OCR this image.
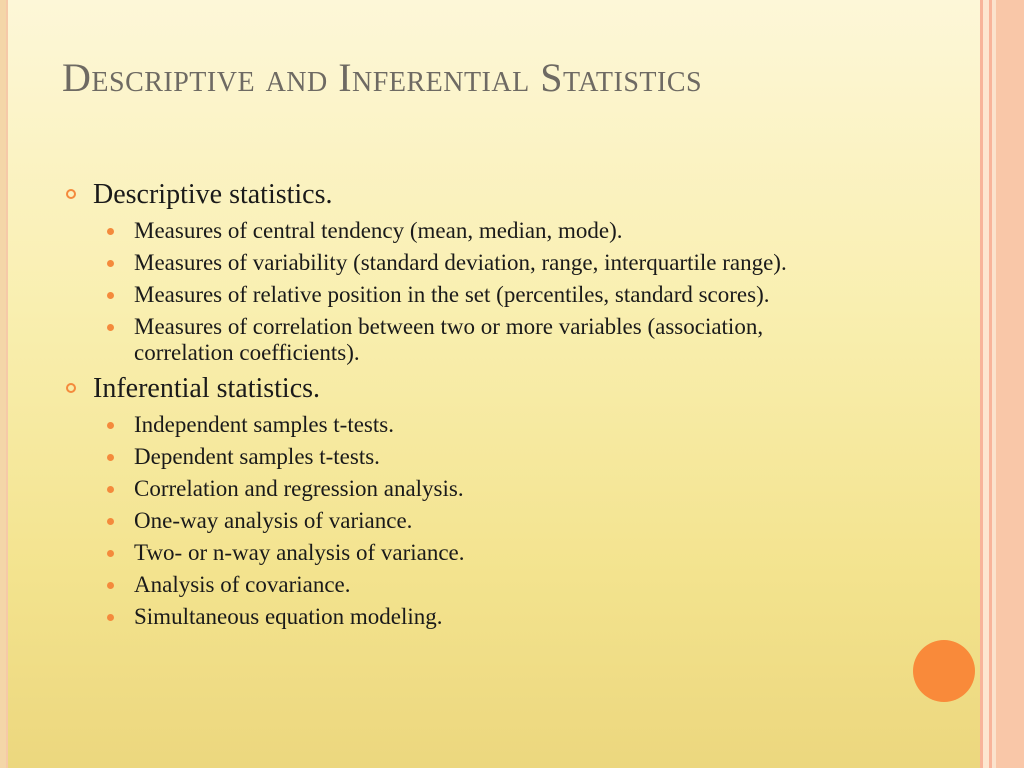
Descriptive and Inferential Statistics
Descriptive statistics.
Measures of central tendency (mean, median, mode).
Measures of variability (standard deviation, range, interquartile range).
Measures of relative position in the set (percentiles, standard scores).
Measures of correlation between two or more variables (association, correlation coefficients).
Inferential statistics.
Independent samples t-tests.
Dependent samples t-tests.
Correlation and regression analysis.
One-way analysis of variance.
Two- or n-way analysis of variance.
Analysis of covariance.
Simultaneous equation modeling.
